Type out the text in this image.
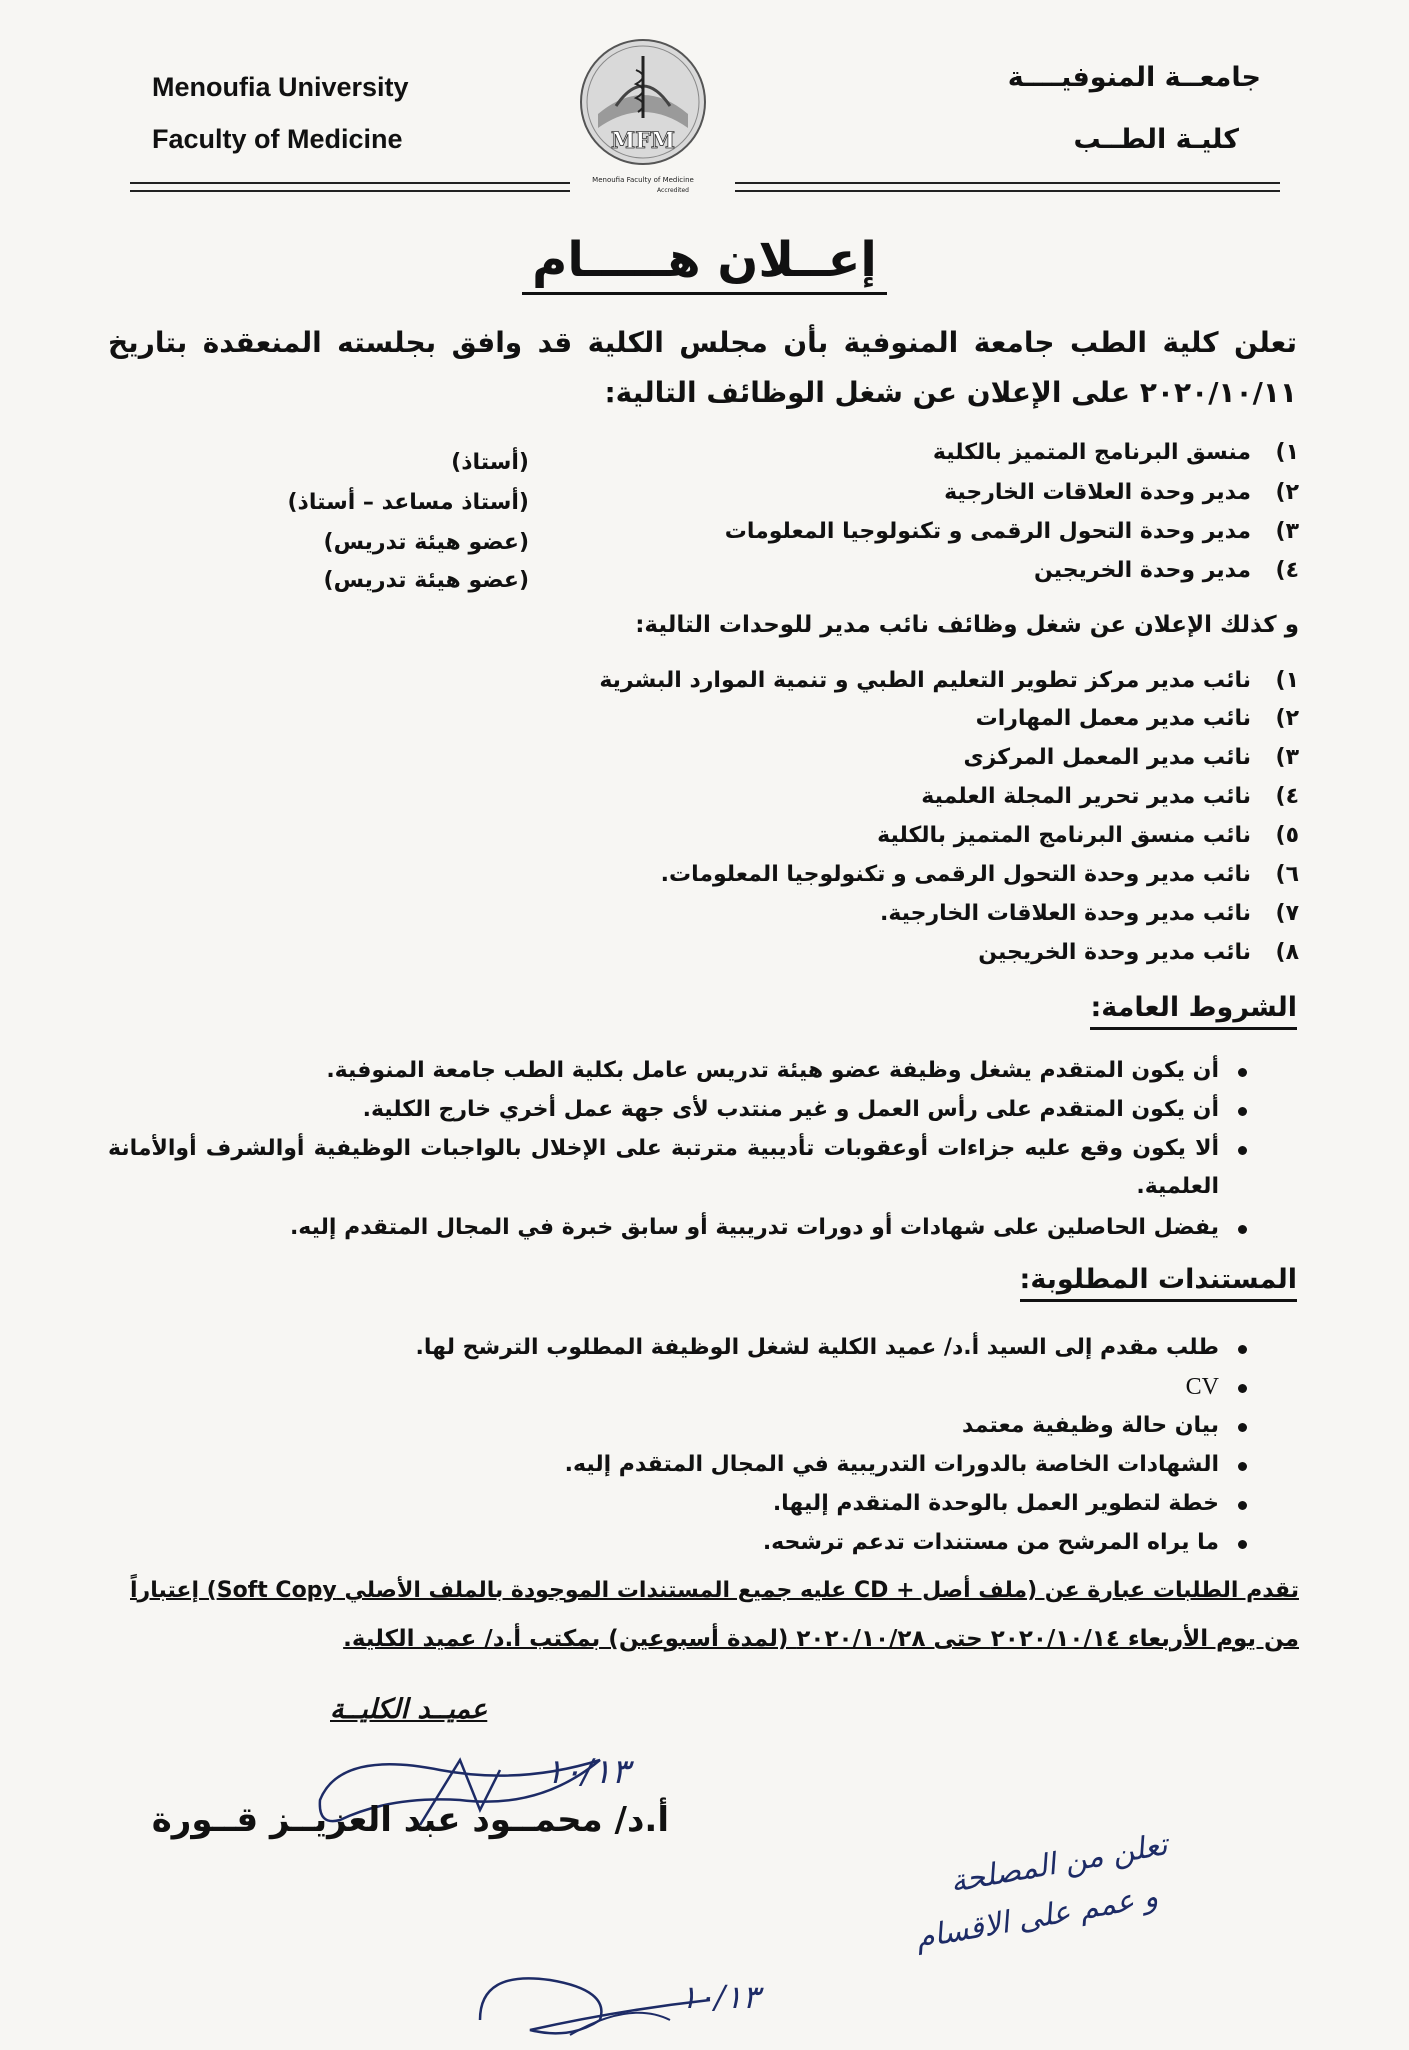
Menoufia University
Faculty of Medicine
جامعــة المنوفيــــة
كليـة الطــب
MFM
Menoufia Faculty of Medicine
Accredited
إعــلان هـــــام
تعلن كلية الطب جامعة المنوفية بأن مجلس الكلية قد وافق بجلسته المنعقدة بتاريخ ٢٠٢٠/١٠/١١ على الإعلان عن شغل الوظائف التالية:
١)
منسق البرنامج المتميز بالكلية
(أستاذ)
٢)
مدير وحدة العلاقات الخارجية
(أستاذ مساعد – أستاذ)
٣)
مدير وحدة التحول الرقمى و تكنولوجيا المعلومات
(عضو هيئة تدريس)
٤)
مدير وحدة الخريجين
(عضو هيئة تدريس)
و كذلك الإعلان عن شغل وظائف نائب مدير للوحدات التالية:
١)
نائب مدير مركز تطوير التعليم الطبي و تنمية الموارد البشرية
٢)
نائب مدير معمل المهارات
٣)
نائب مدير المعمل المركزى
٤)
نائب مدير تحرير المجلة العلمية
٥)
نائب منسق البرنامج المتميز بالكلية
٦)
نائب مدير وحدة التحول الرقمى و تكنولوجيا المعلومات.
٧)
نائب مدير وحدة العلاقات الخارجية.
٨)
نائب مدير وحدة الخريجين
الشروط العامة:
أن يكون المتقدم يشغل وظيفة عضو هيئة تدريس عامل بكلية الطب جامعة المنوفية.
أن يكون المتقدم على رأس العمل و غير منتدب لأى جهة عمل أخري خارج الكلية.
ألا يكون وقع عليه جزاءات أوعقوبات تأديبية مترتبة على الإخلال بالواجبات الوظيفية أوالشرف أوالأمانة العلمية.
يفضل الحاصلين على شهادات أو دورات تدريبية أو سابق خبرة في المجال المتقدم إليه.
المستندات المطلوبة:
طلب مقدم إلى السيد أ.د/ عميد الكلية لشغل الوظيفة المطلوب الترشح لها.
CV
بيان حالة وظيفية معتمد
الشهادات الخاصة بالدورات التدريبية في المجال المتقدم إليه.
خطة لتطوير العمل بالوحدة المتقدم إليها.
ما يراه المرشح من مستندات تدعم ترشحه.
تقدم الطلبات عبارة عن (ملف أصل + CD عليه جميع المستندات الموجودة بالملف الأصلي Soft Copy) إعتباراً
من يوم الأربعاء ٢٠٢٠/١٠/١٤ حتى ٢٠٢٠/١٠/٢٨ (لمدة أسبوعين) بمكتب أ.د/ عميد الكلية.
عميــد الكليــة
١٠/١٣
أ.د/ محمــود عبد العزيــز قــورة
تعلن من المصلحة
و عمم على الاقسام
١٠/١٣
